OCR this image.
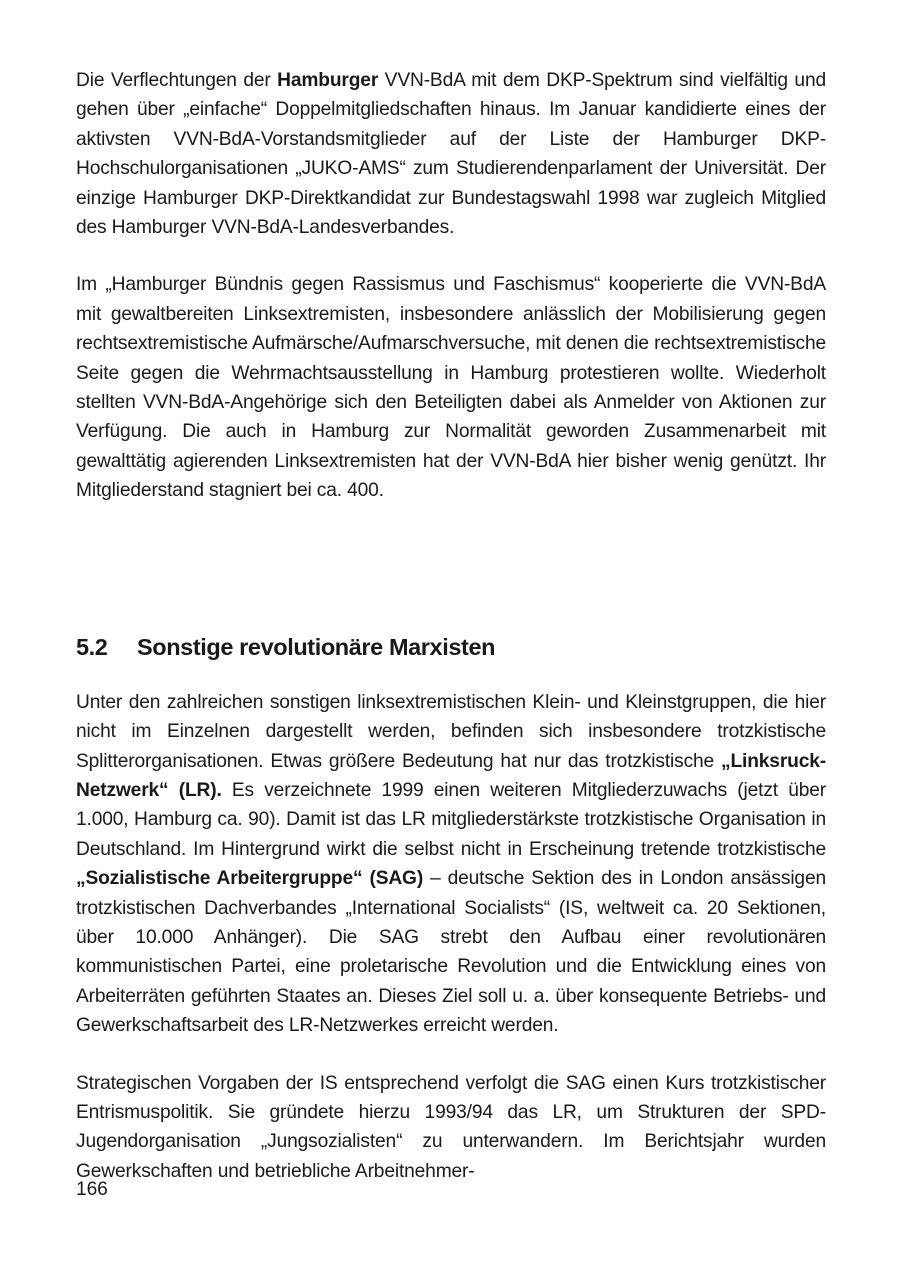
Die Verflechtungen der Hamburger VVN-BdA mit dem DKP-Spektrum sind vielfältig und gehen über „einfache“ Doppelmitgliedschaften hinaus. Im Januar kandidierte eines der aktivsten VVN-BdA-Vorstandsmitglieder auf der Liste der Hamburger DKP-Hochschulorganisationen „JUKO-AMS“ zum Studierendenparlament der Universität. Der einzige Hamburger DKP-Direktkandidat zur Bundestagswahl 1998 war zugleich Mitglied des Hamburger VVN-BdA-Landesverbandes.

Im „Hamburger Bündnis gegen Rassismus und Faschismus“ kooperierte die VVN-BdA mit gewaltbereiten Linksextremisten, insbesondere anlässlich der Mobilisierung gegen rechtsextremistische Aufmärsche/Aufmarschversuche, mit denen die rechtsextremistische Seite gegen die Wehrmachtsausstellung in Hamburg protestieren wollte. Wiederholt stellten VVN-BdA-Angehörige sich den Beteiligten dabei als Anmelder von Aktionen zur Verfügung. Die auch in Hamburg zur Normalität geworden Zusammenarbeit mit gewalttätig agierenden Linksextremisten hat der VVN-BdA hier bisher wenig genützt. Ihr Mitgliederstand stagniert bei ca. 400.

5.2	Sonstige revolutionäre Marxisten

Unter den zahlreichen sonstigen linksextremistischen Klein- und Kleinstgruppen, die hier nicht im Einzelnen dargestellt werden, befinden sich insbesondere trotzkistische Splitterorganisationen. Etwas größere Bedeutung hat nur das trotzkistische „Linksruck-Netzwerk“ (LR). Es verzeichnete 1999 einen weiteren Mitgliederzuwachs (jetzt über 1.000, Hamburg ca. 90). Damit ist das LR mitgliederstärkste trotzkistische Organisation in Deutschland. Im Hintergrund wirkt die selbst nicht in Erscheinung tretende trotzkistische „Sozialistische Arbeitergruppe“ (SAG) – deutsche Sektion des in London ansässigen trotzkistischen Dachverbandes „International Socialists“ (IS, weltweit ca. 20 Sektionen, über 10.000 Anhänger). Die SAG strebt den Aufbau einer revolutionären kommunistischen Partei, eine proletarische Revolution und die Entwicklung eines von Arbeiterräten geführten Staates an. Dieses Ziel soll u. a. über konsequente Betriebs- und Gewerkschaftsarbeit des LR-Netzwerkes erreicht werden.

Strategischen Vorgaben der IS entsprechend verfolgt die SAG einen Kurs trotzkistischer Entrismuspolitik. Sie gründete hierzu 1993/94 das LR, um Strukturen der SPD-Jugendorganisation „Jungsozialisten“ zu unterwandern. Im Berichtsjahr wurden Gewerkschaften und betriebliche Arbeitnehmer-

166
